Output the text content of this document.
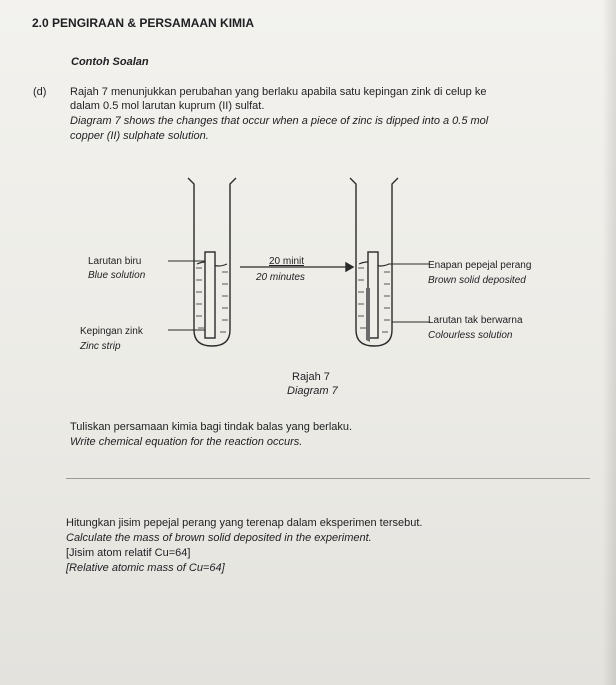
2.0 PENGIRAAN & PERSAMAAN KIMIA
Contoh Soalan
(d) Rajah 7 menunjukkan perubahan yang berlaku apabila satu kepingan zink di celup ke
dalam 0.5 mol larutan kuprum (II) sulfat.
Diagram 7 shows the changes that occur when a piece of zinc is dipped into a 0.5 mol
copper (II) sulphate solution.
Larutan biru
Blue solution
Kepingan zink
Zinc strip
20 minit
20 minutes
Enapan pepejal perang
Brown solid deposited
Larutan tak berwarna
Colourless solution
Rajah 7
Diagram 7
Tuliskan persamaan kimia bagi tindak balas yang berlaku.
Write chemical equation for the reaction occurs.
Hitungkan jisim pepejal perang yang terenap dalam eksperimen tersebut.
Calculate the mass of brown solid deposited in the experiment.
[Jisim atom relatif Cu=64]
[Relative atomic mass of Cu=64]
